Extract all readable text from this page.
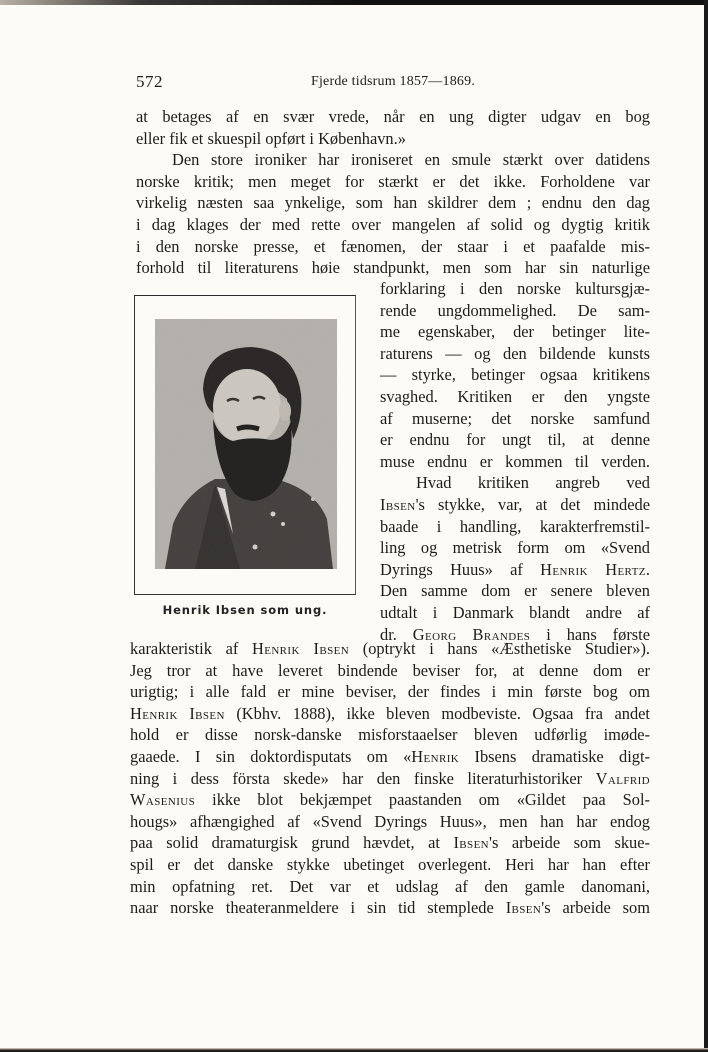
572	Fjerde tidsrum 1857—1869.
at betages af en svær vrede, når en ung digter udgav en bog
eller fik et skuespil opført i København.»
Den store ironiker har ironiseret en smule stærkt over datidens
norske kritik; men meget for stærkt er det ikke. Forholdene var
virkelig næsten saa ynkelige, som han skildrer dem ; endnu den dag
i dag klages der med rette over mangelen af solid og dygtig kritik
i den norske presse, et fænomen, der staar i et paafalde mis-
forhold til literaturens høie standpunkt, men som har sin naturlige
Henrik Ibsen som ung.
forklaring i den norske kultursgjæ-
rende ungdommelighed. De sam-
me egenskaber, der betinger lite-
raturens — og den bildende kunsts
— styrke, betinger ogsaa kritikens
svaghed. Kritiken er den yngste
af muserne; det norske samfund
er endnu for ungt til, at denne
muse endnu er kommen til verden.
Hvad kritiken angreb ved
Ibsen's stykke, var, at det mindede
baade i handling, karakterfremstil-
ling og metrisk form om «Svend
Dyrings Huus» af Henrik Hertz.
Den samme dom er senere bleven
udtalt i Danmark blandt andre af
dr. Georg Brandes i hans første
karakteristik af Henrik Ibsen (optrykt i hans «Æsthetiske Studier»).
Jeg tror at have leveret bindende beviser for, at denne dom er
urigtig; i alle fald er mine beviser, der findes i min første bog om
Henrik Ibsen (Kbhv. 1888), ikke bleven modbeviste. Ogsaa fra andet
hold er disse norsk-danske misforstaaelser bleven udførlig imøde-
gaaede. I sin doktordisputats om «Henrik Ibsens dramatiske digt-
ning i dess första skede» har den finske literaturhistoriker Valfrid
Wasenius ikke blot bekjæmpet paastanden om «Gildet paa Sol-
hougs» afhængighed af «Svend Dyrings Huus», men han har endog
paa solid dramaturgisk grund hævdet, at Ibsen's arbeide som skue-
spil er det danske stykke ubetinget overlegent. Heri har han efter
min opfatning ret. Det var et udslag af den gamle danomani,
naar norske theateranmeldere i sin tid stemplede Ibsen's arbeide som
